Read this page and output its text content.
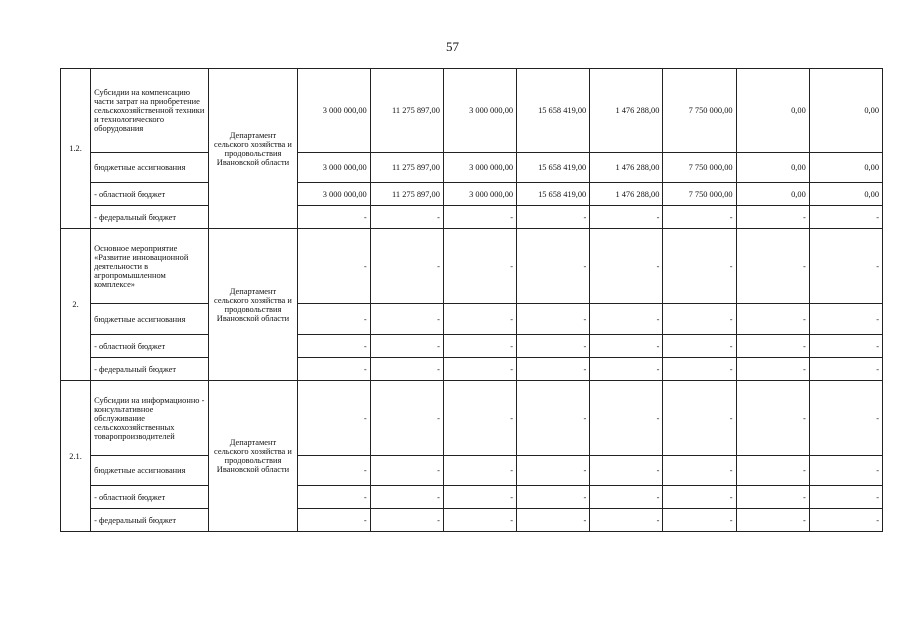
57
1.2.	Субсидии на компенсацию части затрат на приобретение сельскохозяйственной техники и технологического оборудования	Департамент сельского хозяйства и продовольствия Ивановской области	3 000 000,00	11 275 897,00	3 000 000,00	15 658 419,00	1 476 288,00	7 750 000,00	0,00	0,00
	бюджетные ассигнования		3 000 000,00	11 275 897,00	3 000 000,00	15 658 419,00	1 476 288,00	7 750 000,00	0,00	0,00
	- областной бюджет		3 000 000,00	11 275 897,00	3 000 000,00	15 658 419,00	1 476 288,00	7 750 000,00	0,00	0,00
	- федеральный бюджет		-	-	-	-	-	-	-	-
2.	Основное мероприятие «Развитие инновационной деятельности в агропромышленном комплексе»	Департамент сельского хозяйства и продовольствия Ивановской области	-	-	-	-	-	-	-	-
	бюджетные ассигнования		-	-	-	-	-	-	-	-
	- областной бюджет		-	-	-	-	-	-	-	-
	- федеральный бюджет		-	-	-	-	-	-	-	-
2.1.	Субсидии на информационно - консультативное обслуживание сельскохозяйственных товаропроизводителей	Департамент сельского хозяйства и продовольствия Ивановской области	-	-	-	-	-	-	-	-
	бюджетные ассигнования		-	-	-	-	-	-	-	-
	- областной бюджет		-	-	-	-	-	-	-	-
	- федеральный бюджет		-	-	-	-	-	-	-	-
